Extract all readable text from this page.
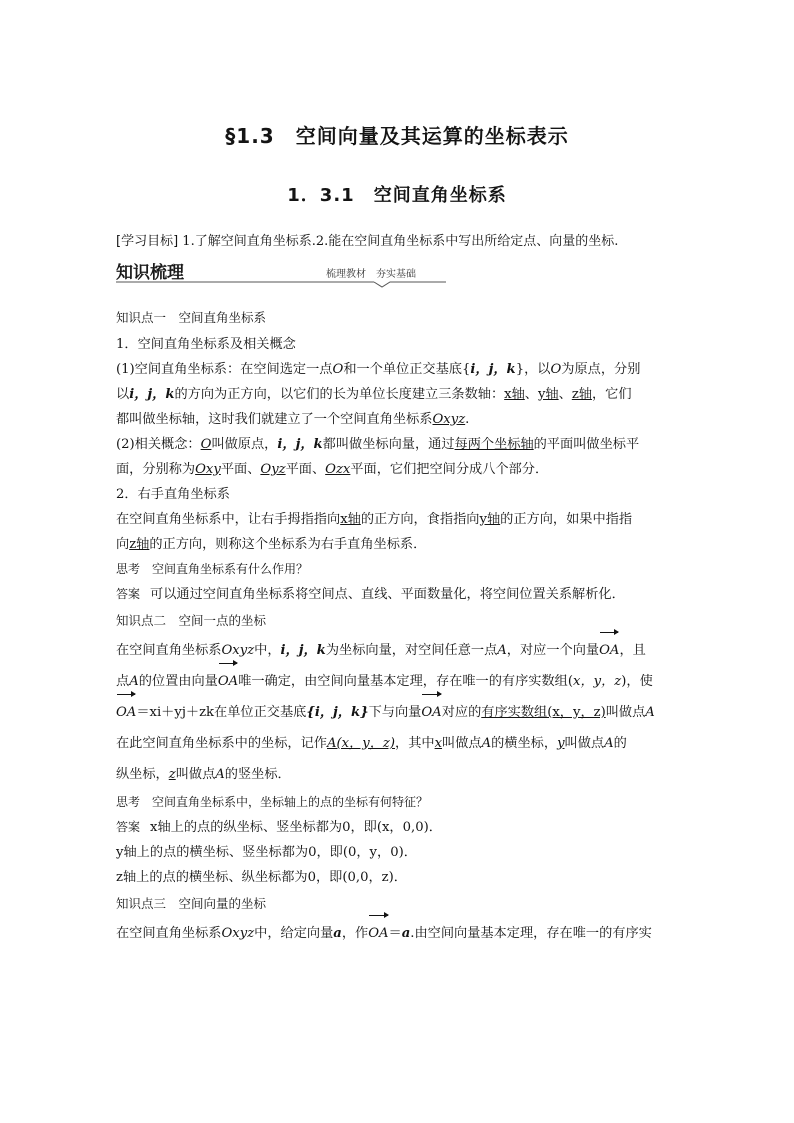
§1.3　空间向量及其运算的坐标表示
1．3.1　空间直角坐标系
[学习目标] 1.了解空间直角坐标系.2.能在空间直角坐标系中写出所给定点、向量的坐标.
知识梳理	梳理教材　夯实基础

知识点一　空间直角坐标系

1．空间直角坐标系及相关概念

(1)空间直角坐标系：在空间选定一点O和一个单位正交基底{i，j，k}，以O为原点，分别
以i，j，k的方向为正方向，以它们的长为单位长度建立三条数轴：x轴、y轴、z轴，它们
都叫做坐标轴，这时我们就建立了一个空间直角坐标系Oxyz.

(2)相关概念：O叫做原点，i，j，k都叫做坐标向量，通过每两个坐标轴的平面叫做坐标平
面，分别称为Oxy平面、Oyz平面、Ozx平面，它们把空间分成八个部分．

2．右手直角坐标系

在空间直角坐标系中，让右手拇指指向x轴的正方向，食指指向y轴的正方向，如果中指指
向z轴的正方向，则称这个坐标系为右手直角坐标系．

思考　空间直角坐标系有什么作用？

答案 可以通过空间直角坐标系将空间点、直线、平面数量化，将空间位置关系解析化．

知识点二　空间一点的坐标

在空间直角坐标系Oxyz中，i，j，k为坐标向量，对空间任意一点A，对应一个向量OA，且
点A的位置由向量OA唯一确定，由空间向量基本定理，存在唯一的有序实数组(x，y，z)，使
OA＝xi＋yj＋zk在单位正交基底{i，j，k}下与向量OA对应的有序实数组(x，y，z)叫做点A
在此空间直角坐标系中的坐标，记作A(x，y，z)，其中x叫做点A的横坐标，y叫做点A的
纵坐标，z叫做点A的竖坐标．

思考　空间直角坐标系中，坐标轴上的点的坐标有何特征？

答案 x轴上的点的纵坐标、竖坐标都为0，即(x，0,0)．

y轴上的点的横坐标、竖坐标都为0，即(0，y，0)．

z轴上的点的横坐标、纵坐标都为0，即(0,0，z)．

知识点三　空间向量的坐标

在空间直角坐标系Oxyz中，给定向量a，作OA＝a.由空间向量基本定理，存在唯一的有序实
